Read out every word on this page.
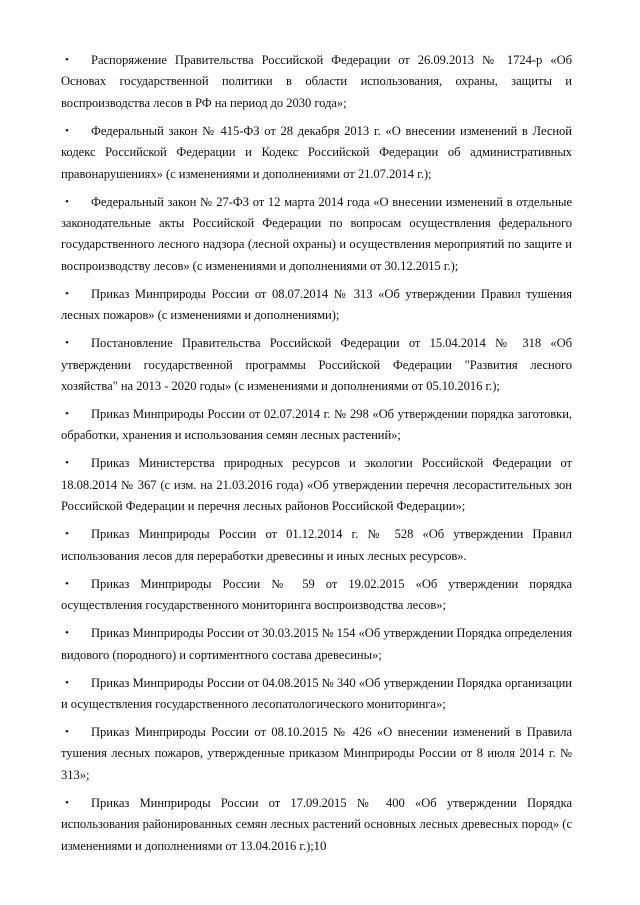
• Распоряжение Правительства Российской Федерации от 26.09.2013 № 1724-р «Об Основах государственной политики в области использования, охраны, защиты и воспроизводства лесов в РФ на период до 2030 года»;
• Федеральный закон № 415-ФЗ от 28 декабря 2013 г. «О внесении изменений в Лесной кодекс Российской Федерации и Кодекс Российской Федерации об административных правонарушениях» (с изменениями и дополнениями от 21.07.2014 г.);
• Федеральный закон № 27-ФЗ от 12 марта 2014 года «О внесении изменений в отдельные законодательные акты Российской Федерации по вопросам осуществления федерального государственного лесного надзора (лесной охраны) и осуществления мероприятий по защите и воспроизводству лесов» (с изменениями и дополнениями от 30.12.2015 г.);
• Приказ Минприроды России от 08.07.2014 № 313 «Об утверждении Правил тушения лесных пожаров» (с изменениями и дополнениями);
• Постановление Правительства Российской Федерации от 15.04.2014 № 318 «Об утверждении государственной программы Российской Федерации "Развития лесного хозяйства" на 2013 - 2020 годы» (с изменениями и дополнениями от 05.10.2016 г.);
• Приказ Минприроды России от 02.07.2014 г. № 298 «Об утверждении порядка заготовки, обработки, хранения и использования семян лесных растений»;
• Приказ Министерства природных ресурсов и экологии Российской Федерации от 18.08.2014 № 367 (с изм. на 21.03.2016 года) «Об утверждении перечня лесорастительных зон Российской Федерации и перечня лесных районов Российской Федерации»;
• Приказ Минприроды России от 01.12.2014 г. № 528 «Об утверждении Правил использования лесов для переработки древесины и иных лесных ресурсов».
• Приказ Минприроды России № 59 от 19.02.2015 «Об утверждении порядка осуществления государственного мониторинга воспроизводства лесов»;
• Приказ Минприроды России от 30.03.2015 № 154 «Об утверждении Порядка определения видового (породного) и сортиментного состава древесины»;
• Приказ Минприроды России от 04.08.2015 № 340 «Об утверждении Порядка организации и осуществления государственного лесопатологического мониторинга»;
• Приказ Минприроды России от 08.10.2015 № 426 «О внесении изменений в Правила тушения лесных пожаров, утвержденные приказом Минприроды России от 8 июля 2014 г. № 313»;
• Приказ Минприроды России от 17.09.2015 № 400 «Об утверждении Порядка использования районированных семян лесных растений основных лесных древесных пород» (с изменениями и дополнениями от 13.04.2016 г.); 10
